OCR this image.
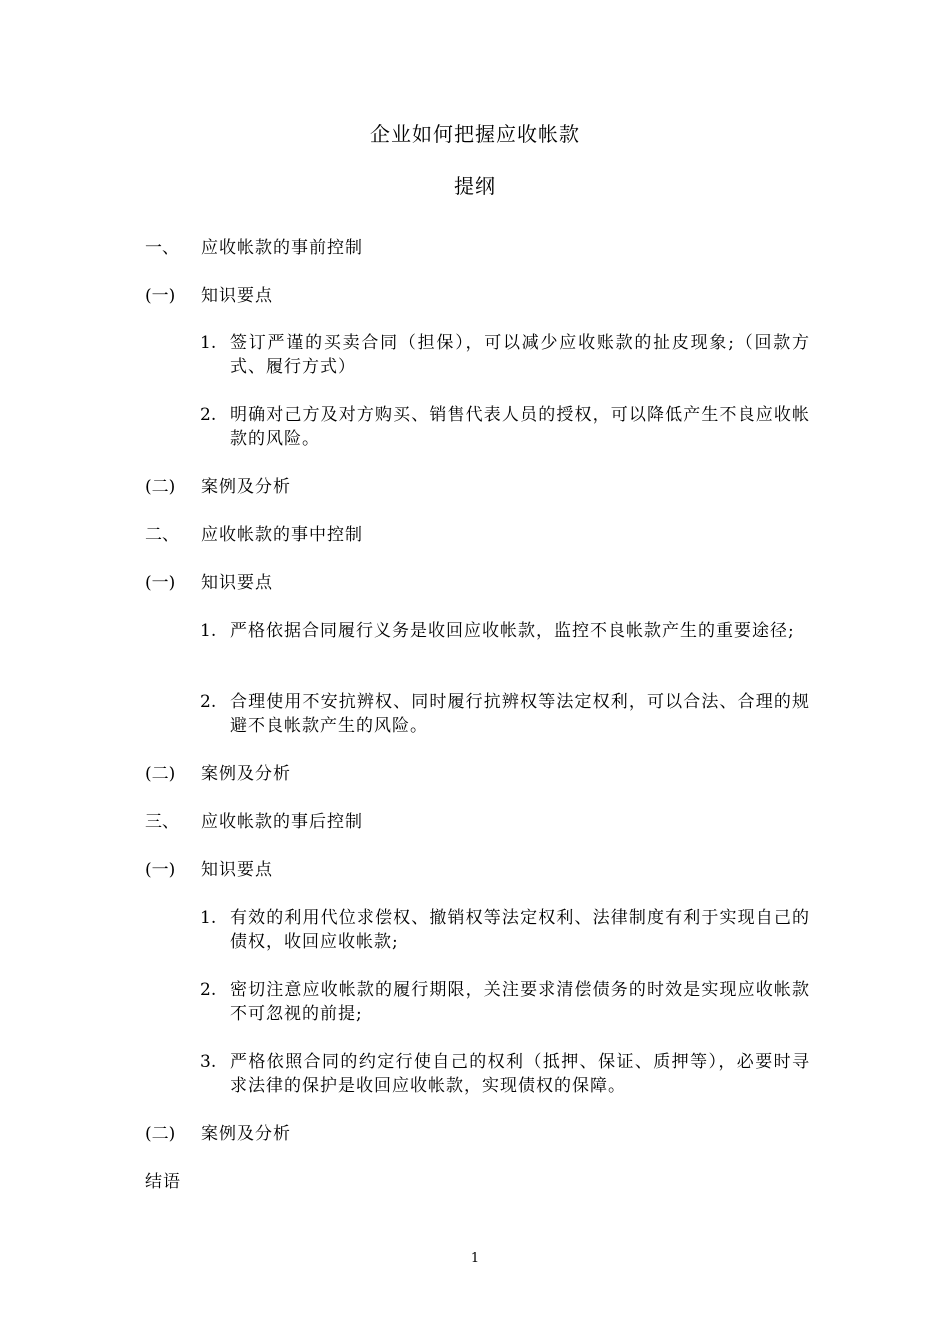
企业如何把握应收帐款
提纲
一、 应收帐款的事前控制
(一) 知识要点
1. 签订严谨的买卖合同（担保），可以减少应收账款的扯皮现象;（回款方式、履行方式）
2. 明确对己方及对方购买、销售代表人员的授权，可以降低产生不良应收帐款的风险。
(二) 案例及分析
二、 应收帐款的事中控制
(一) 知识要点
1. 严格依据合同履行义务是收回应收帐款，监控不良帐款产生的重要途径;
2. 合理使用不安抗辨权、同时履行抗辨权等法定权利，可以合法、合理的规避不良帐款产生的风险。
(二) 案例及分析
三、 应收帐款的事后控制
(一) 知识要点
1. 有效的利用代位求偿权、撤销权等法定权利、法律制度有利于实现自己的债权，收回应收帐款;
2. 密切注意应收帐款的履行期限，关注要求清偿债务的时效是实现应收帐款不可忽视的前提;
3. 严格依照合同的约定行使自己的权利（抵押、保证、质押等），必要时寻求法律的保护是收回应收帐款，实现债权的保障。
(二) 案例及分析
结语
1
